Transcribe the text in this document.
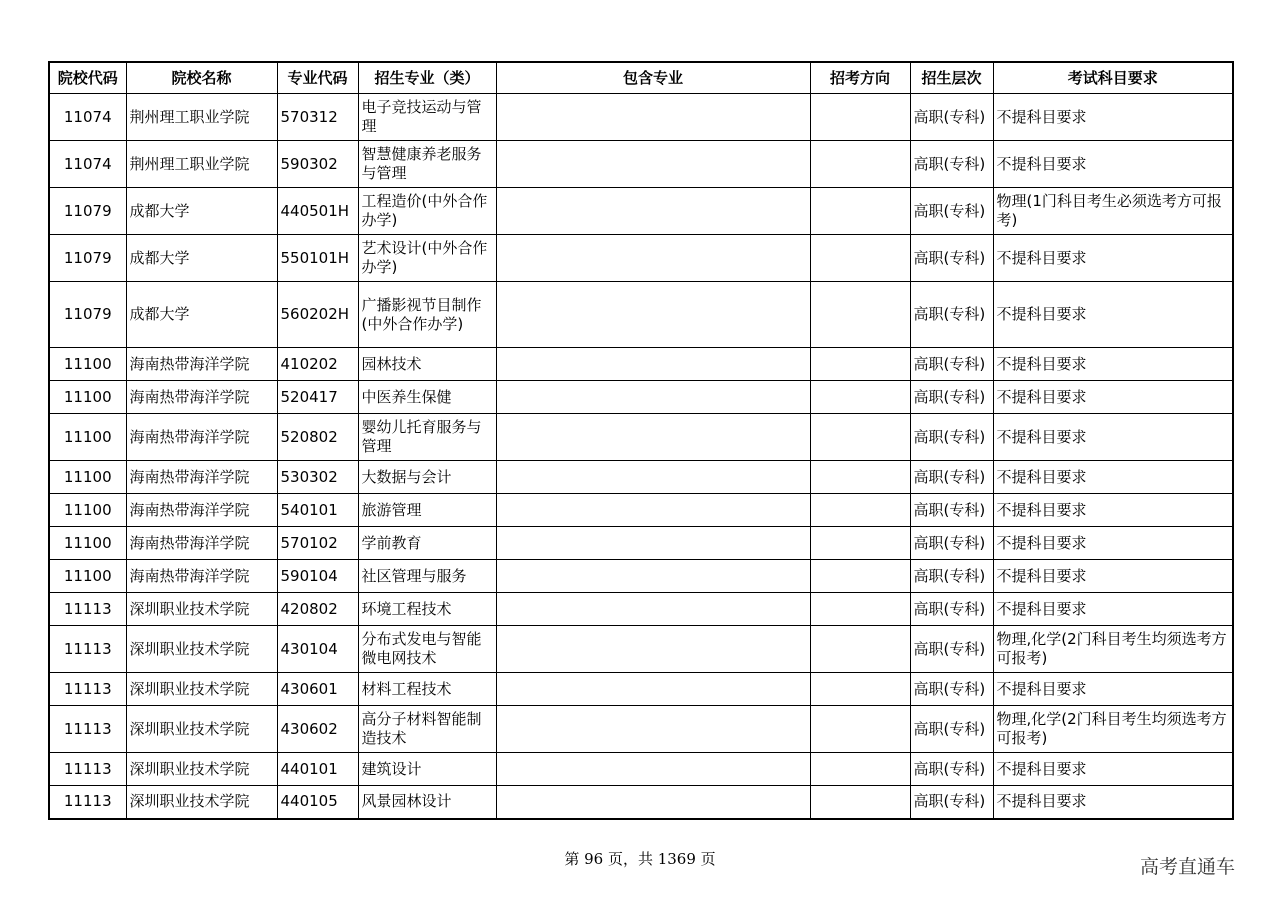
院校代码	院校名称	专业代码	招生专业（类）	包含专业	招考方向	招生层次	考试科目要求
11074	荆州理工职业学院	570312	电子竞技运动与管理			高职(专科)	不提科目要求
11074	荆州理工职业学院	590302	智慧健康养老服务与管理			高职(专科)	不提科目要求
11079	成都大学	440501H	工程造价(中外合作办学)			高职(专科)	物理(1门科目考生必须选考方可报考)
11079	成都大学	550101H	艺术设计(中外合作办学)			高职(专科)	不提科目要求
11079	成都大学	560202H	广播影视节目制作(中外合作办学)			高职(专科)	不提科目要求
11100	海南热带海洋学院	410202	园林技术			高职(专科)	不提科目要求
11100	海南热带海洋学院	520417	中医养生保健			高职(专科)	不提科目要求
11100	海南热带海洋学院	520802	婴幼儿托育服务与管理			高职(专科)	不提科目要求
11100	海南热带海洋学院	530302	大数据与会计			高职(专科)	不提科目要求
11100	海南热带海洋学院	540101	旅游管理			高职(专科)	不提科目要求
11100	海南热带海洋学院	570102	学前教育			高职(专科)	不提科目要求
11100	海南热带海洋学院	590104	社区管理与服务			高职(专科)	不提科目要求
11113	深圳职业技术学院	420802	环境工程技术			高职(专科)	不提科目要求
11113	深圳职业技术学院	430104	分布式发电与智能微电网技术			高职(专科)	物理,化学(2门科目考生均须选考方可报考)
11113	深圳职业技术学院	430601	材料工程技术			高职(专科)	不提科目要求
11113	深圳职业技术学院	430602	高分子材料智能制造技术			高职(专科)	物理,化学(2门科目考生均须选考方可报考)
11113	深圳职业技术学院	440101	建筑设计			高职(专科)	不提科目要求
11113	深圳职业技术学院	440105	风景园林设计			高职(专科)	不提科目要求
第 96 页，共 1369 页	高考直通车
